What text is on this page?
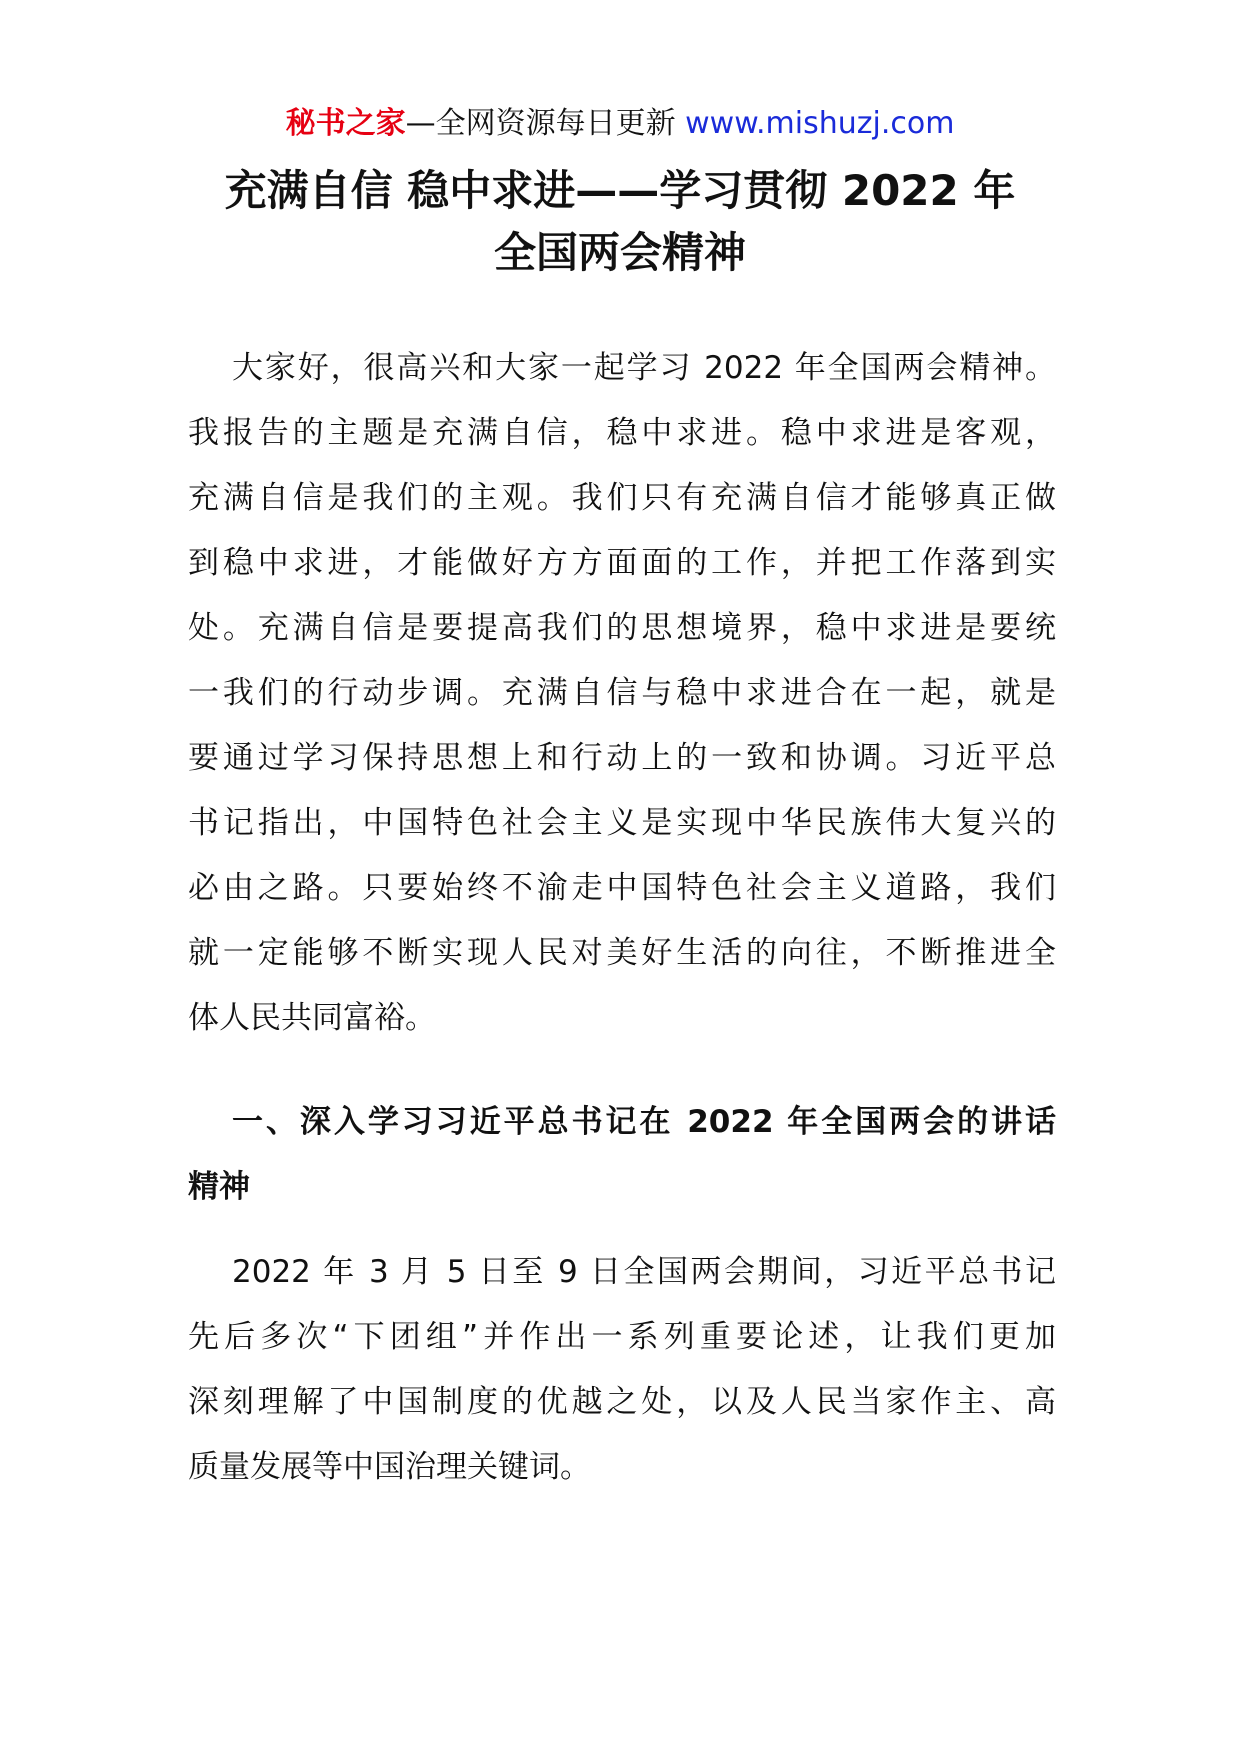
秘书之家—全网资源每日更新 www.mishuzj.com
充满自信 稳中求进——学习贯彻 2022 年
全国两会精神
大家好，很高兴和大家一起学习 2022 年全国两会精神。
我报告的主题是充满自信，稳中求进。稳中求进是客观，
充满自信是我们的主观。我们只有充满自信才能够真正做
到稳中求进，才能做好方方面面的工作，并把工作落到实
处。充满自信是要提高我们的思想境界，稳中求进是要统
一我们的行动步调。充满自信与稳中求进合在一起，就是
要通过学习保持思想上和行动上的一致和协调。习近平总
书记指出，中国特色社会主义是实现中华民族伟大复兴的
必由之路。只要始终不渝走中国特色社会主义道路，我们
就一定能够不断实现人民对美好生活的向往，不断推进全
体人民共同富裕。
一、深入学习习近平总书记在 2022 年全国两会的讲话
精神
2022 年 3 月 5 日至 9 日全国两会期间，习近平总书记
先后多次“下团组”并作出一系列重要论述，让我们更加
深刻理解了中国制度的优越之处，以及人民当家作主、高
质量发展等中国治理关键词。
